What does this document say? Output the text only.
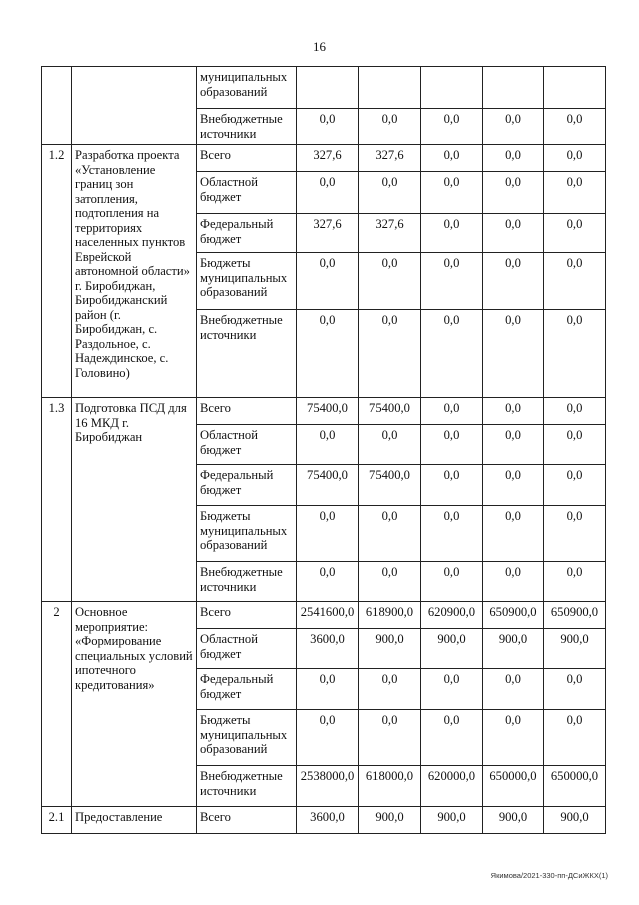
16
		муниципальных образований					
		Внебюджетные источники	0,0	0,0	0,0	0,0	0,0
1.2	Разработка проекта «Установление границ зон затопления, подтопления на территориях населенных пунктов Еврейской автономной области» г. Биробиджан, Биробиджанский район (г. Биробиджан, с. Раздольное, с. Надеждинское, с. Головино)	Всего	327,6	327,6	0,0	0,0	0,0
		Областной бюджет	0,0	0,0	0,0	0,0	0,0
		Федеральный бюджет	327,6	327,6	0,0	0,0	0,0
		Бюджеты муниципальных образований	0,0	0,0	0,0	0,0	0,0
		Внебюджетные источники	0,0	0,0	0,0	0,0	0,0
1.3	Подготовка ПСД для 16 МКД г. Биробиджан	Всего	75400,0	75400,0	0,0	0,0	0,0
		Областной бюджет	0,0	0,0	0,0	0,0	0,0
		Федеральный бюджет	75400,0	75400,0	0,0	0,0	0,0
		Бюджеты муниципальных образований	0,0	0,0	0,0	0,0	0,0
		Внебюджетные источники	0,0	0,0	0,0	0,0	0,0
2	Основное мероприятие: «Формирование специальных условий ипотечного кредитования»	Всего	2541600,0	618900,0	620900,0	650900,0	650900,0
		Областной бюджет	3600,0	900,0	900,0	900,0	900,0
		Федеральный бюджет	0,0	0,0	0,0	0,0	0,0
		Бюджеты муниципальных образований	0,0	0,0	0,0	0,0	0,0
		Внебюджетные источники	2538000,0	618000,0	620000,0	650000,0	650000,0
2.1	Предоставление	Всего	3600,0	900,0	900,0	900,0	900,0
Якимова/2021-330-пп-ДСиЖКХ(1)
